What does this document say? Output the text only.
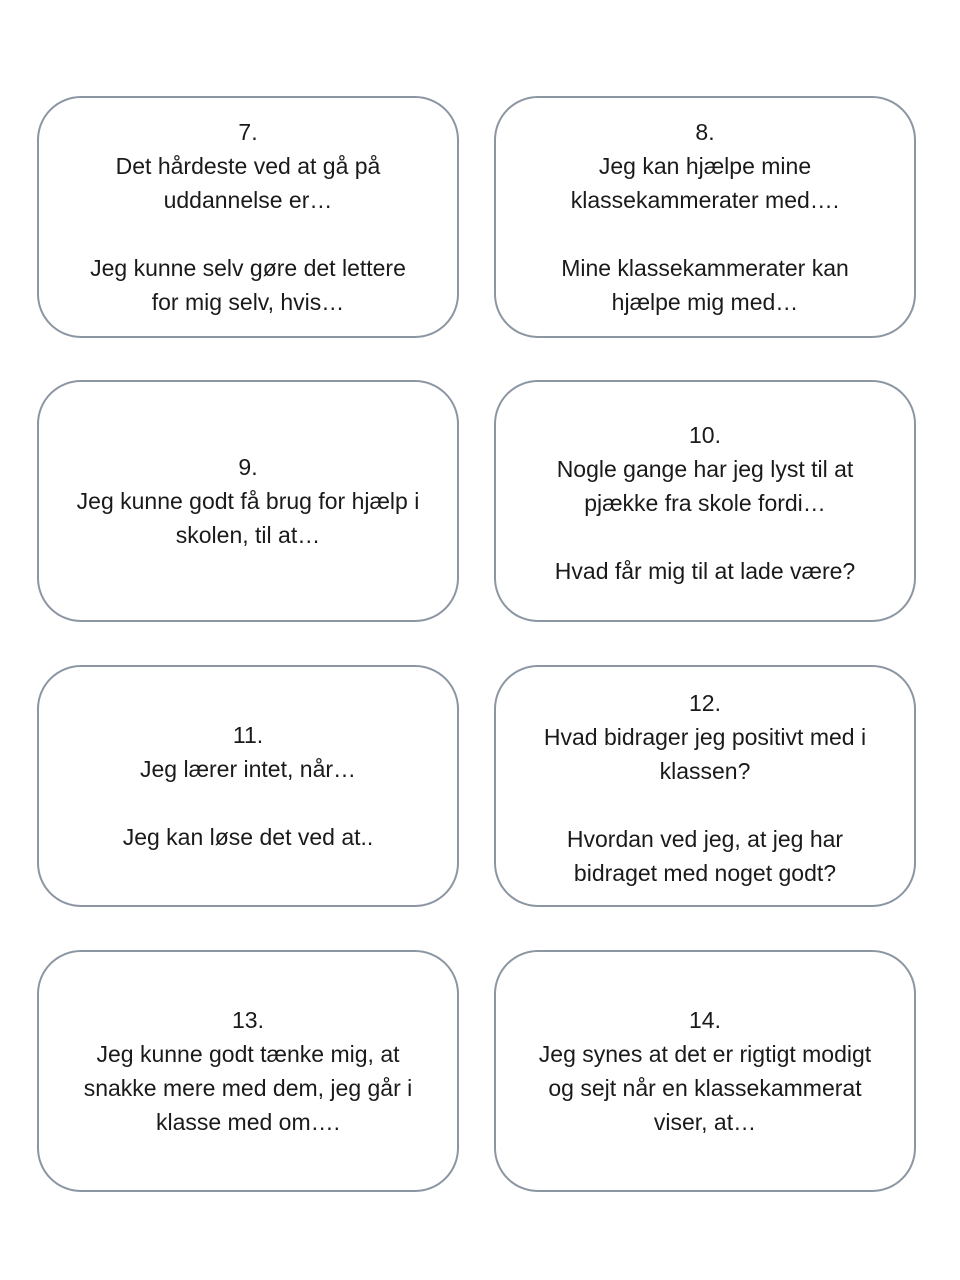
7.
Det hårdeste ved at gå på
uddannelse er…
Jeg kunne selv gøre det lettere
for mig selv, hvis…
8.
Jeg kan hjælpe mine
klassekammerater med….
Mine klassekammerater kan
hjælpe mig med…
9.
Jeg kunne godt få brug for hjælp i
skolen, til at…
10.
Nogle gange har jeg lyst til at
pjække fra skole fordi…
Hvad får mig til at lade være?
11.
Jeg lærer intet, når…
Jeg kan løse det ved at..
12.
Hvad bidrager jeg positivt med i
klassen?
Hvordan ved jeg, at jeg har
bidraget med noget godt?
13.
Jeg kunne godt tænke mig, at
snakke mere med dem, jeg går i
klasse med om….
14.
Jeg synes at det er rigtigt modigt
og sejt når en klassekammerat
viser, at…
